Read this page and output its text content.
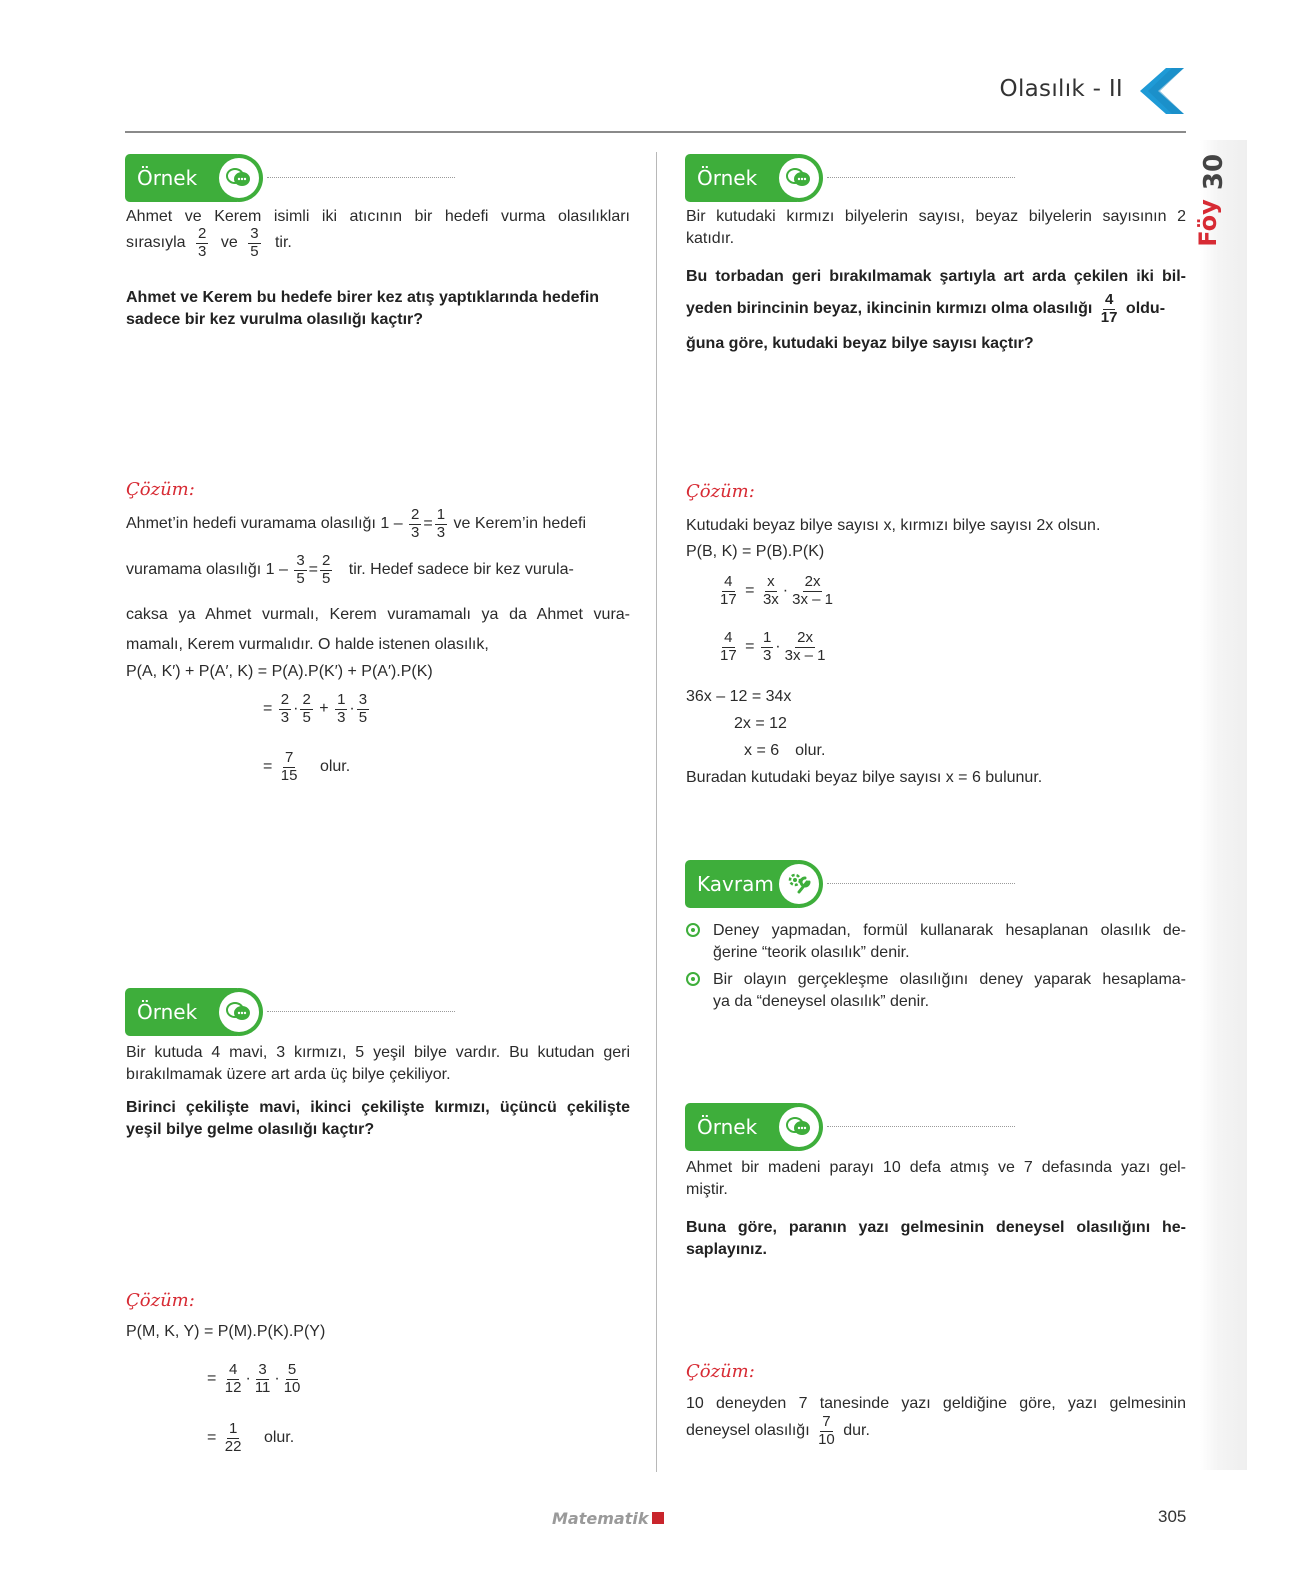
Olasılık - II
30
Föy
Örnek
Ahmet ve Kerem isimli iki atıcının bir hedefi vurma olasılıkları
sırasıyla $\frac{2}{3}$ ve $\frac{3}{5}$ tir.
Ahmet ve Kerem bu hedefe birer kez atış yaptıklarında hedefin
sadece bir kez vurulma olasılığı kaçtır?
Çözüm:
Ahmet’in hedefi vuramama olasılığı $1 - \frac{2}{3} = \frac{1}{3}$ ve Kerem’in hedefi
vuramama olasılığı $1 - \frac{3}{5} = \frac{2}{5}$ tir. Hedef sadece bir kez vurula-
caksa ya Ahmet vurmalı, Kerem vuramamalı ya da Ahmet vura-
mamalı, Kerem vurmalıdır. O halde istenen olasılık,
P(A, K′) + P(A′, K) = P(A).P(K′) + P(A′).P(K)
= $\frac{2}{3} \cdot \frac{2}{5} + \frac{1}{3} \cdot \frac{3}{5}$
= $\frac{7}{15}$ olur.
Örnek
Bir kutuda 4 mavi, 3 kırmızı, 5 yeşil bilye vardır. Bu kutudan geri
bırakılmamak üzere art arda üç bilye çekiliyor.
Birinci çekilişte mavi, ikinci çekilişte kırmızı, üçüncü çekilişte
yeşil bilye gelme olasılığı kaçtır?
Çözüm:
P(M, K, Y) = P(M).P(K).P(Y)
= $\frac{4}{12} \cdot \frac{3}{11} \cdot \frac{5}{10}$
= $\frac{1}{22}$ olur.
Örnek
Bir kutudaki kırmızı bilyelerin sayısı, beyaz bilyelerin sayısının 2
katıdır.
Bu torbadan geri bırakılmamak şartıyla art arda çekilen iki bil-
yeden birincinin beyaz, ikincinin kırmızı olma olasılığı $\frac{4}{17}$ oldu-
ğuna göre, kutudaki beyaz bilye sayısı kaçtır?
Çözüm:
Kutudaki beyaz bilye sayısı x, kırmızı bilye sayısı 2x olsun.
P(B, K) = P(B).P(K)
$\frac{4}{17} = \frac{x}{3x} \cdot \frac{2x}{3x - 1}$
$\frac{4}{17} = \frac{1}{3} \cdot \frac{2x}{3x - 1}$
36x – 12 = 34x
2x = 12
x = 6 olur.
Buradan kutudaki beyaz bilye sayısı x = 6 bulunur.
Kavram
Deney yapmadan, formül kullanarak hesaplanan olasılık de-
ğerine “teorik olasılık” denir.
Bir olayın gerçekleşme olasılığını deney yaparak hesaplama-
ya da “deneysel olasılık” denir.
Örnek
Ahmet bir madeni parayı 10 defa atmış ve 7 defasında yazı gel-
miştir.
Buna göre, paranın yazı gelmesinin deneysel olasılığını he-
saplayınız.
Çözüm:
10 deneyden 7 tanesinde yazı geldiğine göre, yazı gelmesinin
deneysel olasılığı $\frac{7}{10}$ dur.
Matematik	305
